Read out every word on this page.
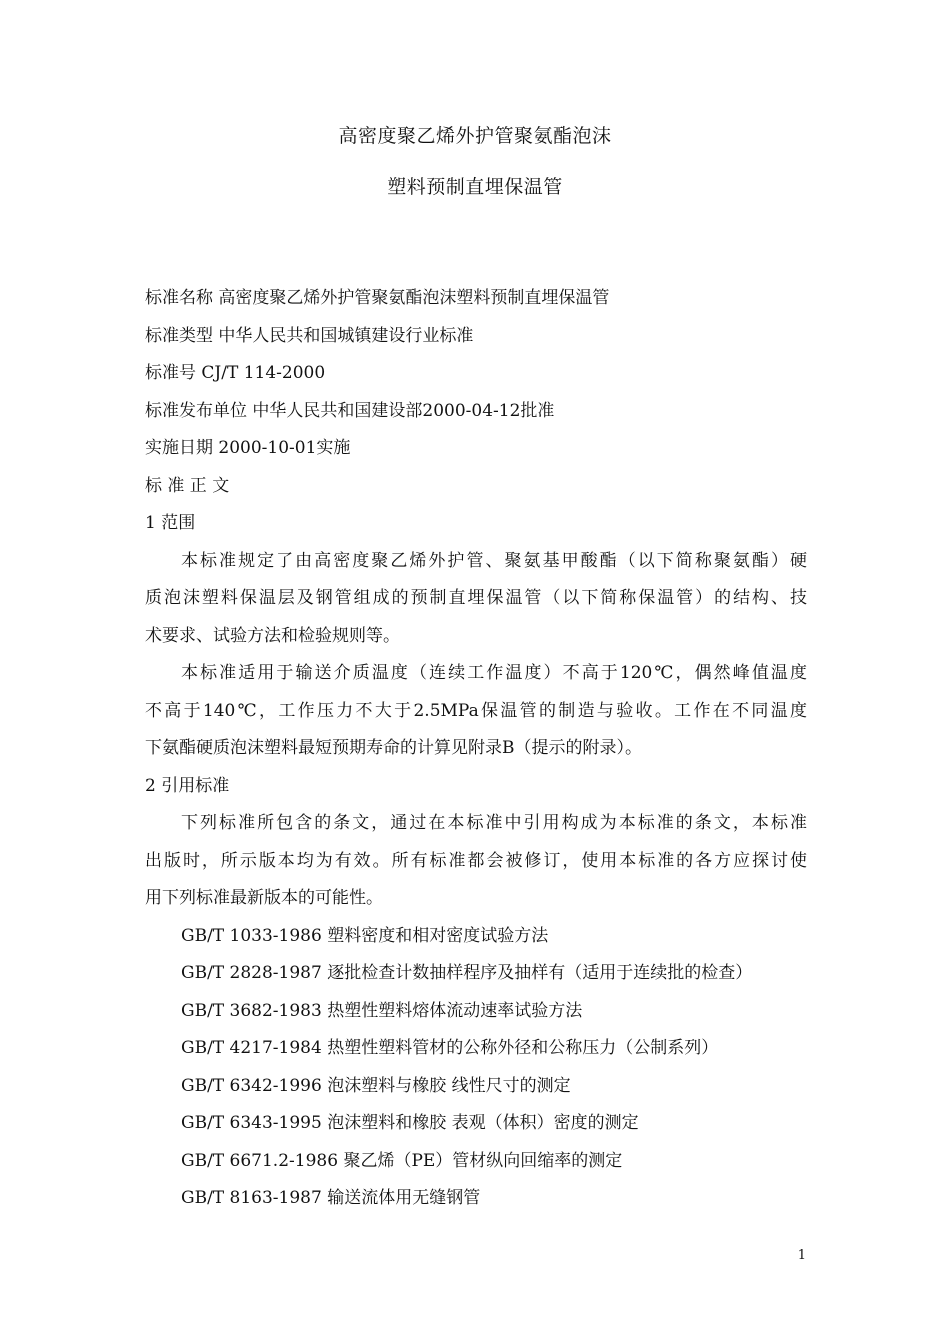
高密度聚乙烯外护管聚氨酯泡沫
塑料预制直埋保温管
标准名称 高密度聚乙烯外护管聚氨酯泡沫塑料预制直埋保温管
标准类型 中华人民共和国城镇建设行业标准
标准号 CJ/T 114-2000
标准发布单位 中华人民共和国建设部2000-04-12批准
实施日期 2000-10-01实施
标 准 正 文
1 范围
本标准规定了由高密度聚乙烯外护管、聚氨基甲酸酯（以下简称聚氨酯）硬
质泡沫塑料保温层及钢管组成的预制直埋保温管（以下简称保温管）的结构、技
术要求、试验方法和检验规则等。
本标准适用于输送介质温度（连续工作温度）不高于120℃，偶然峰值温度
不高于140℃，工作压力不大于2.5MPa保温管的制造与验收。工作在不同温度
下氨酯硬质泡沫塑料最短预期寿命的计算见附录B（提示的附录）。
2 引用标准
下列标准所包含的条文，通过在本标准中引用构成为本标准的条文，本标准
出版时，所示版本均为有效。所有标准都会被修订，使用本标准的各方应探讨使
用下列标准最新版本的可能性。
GB/T 1033-1986 塑料密度和相对密度试验方法
GB/T 2828-1987 逐批检查计数抽样程序及抽样有（适用于连续批的检查）
GB/T 3682-1983 热塑性塑料熔体流动速率试验方法
GB/T 4217-1984 热塑性塑料管材的公称外径和公称压力（公制系列）
GB/T 6342-1996 泡沫塑料与橡胶 线性尺寸的测定
GB/T 6343-1995 泡沫塑料和橡胶 表观（体积）密度的测定
GB/T 6671.2-1986 聚乙烯（PE）管材纵向回缩率的测定
GB/T 8163-1987 输送流体用无缝钢管
1
